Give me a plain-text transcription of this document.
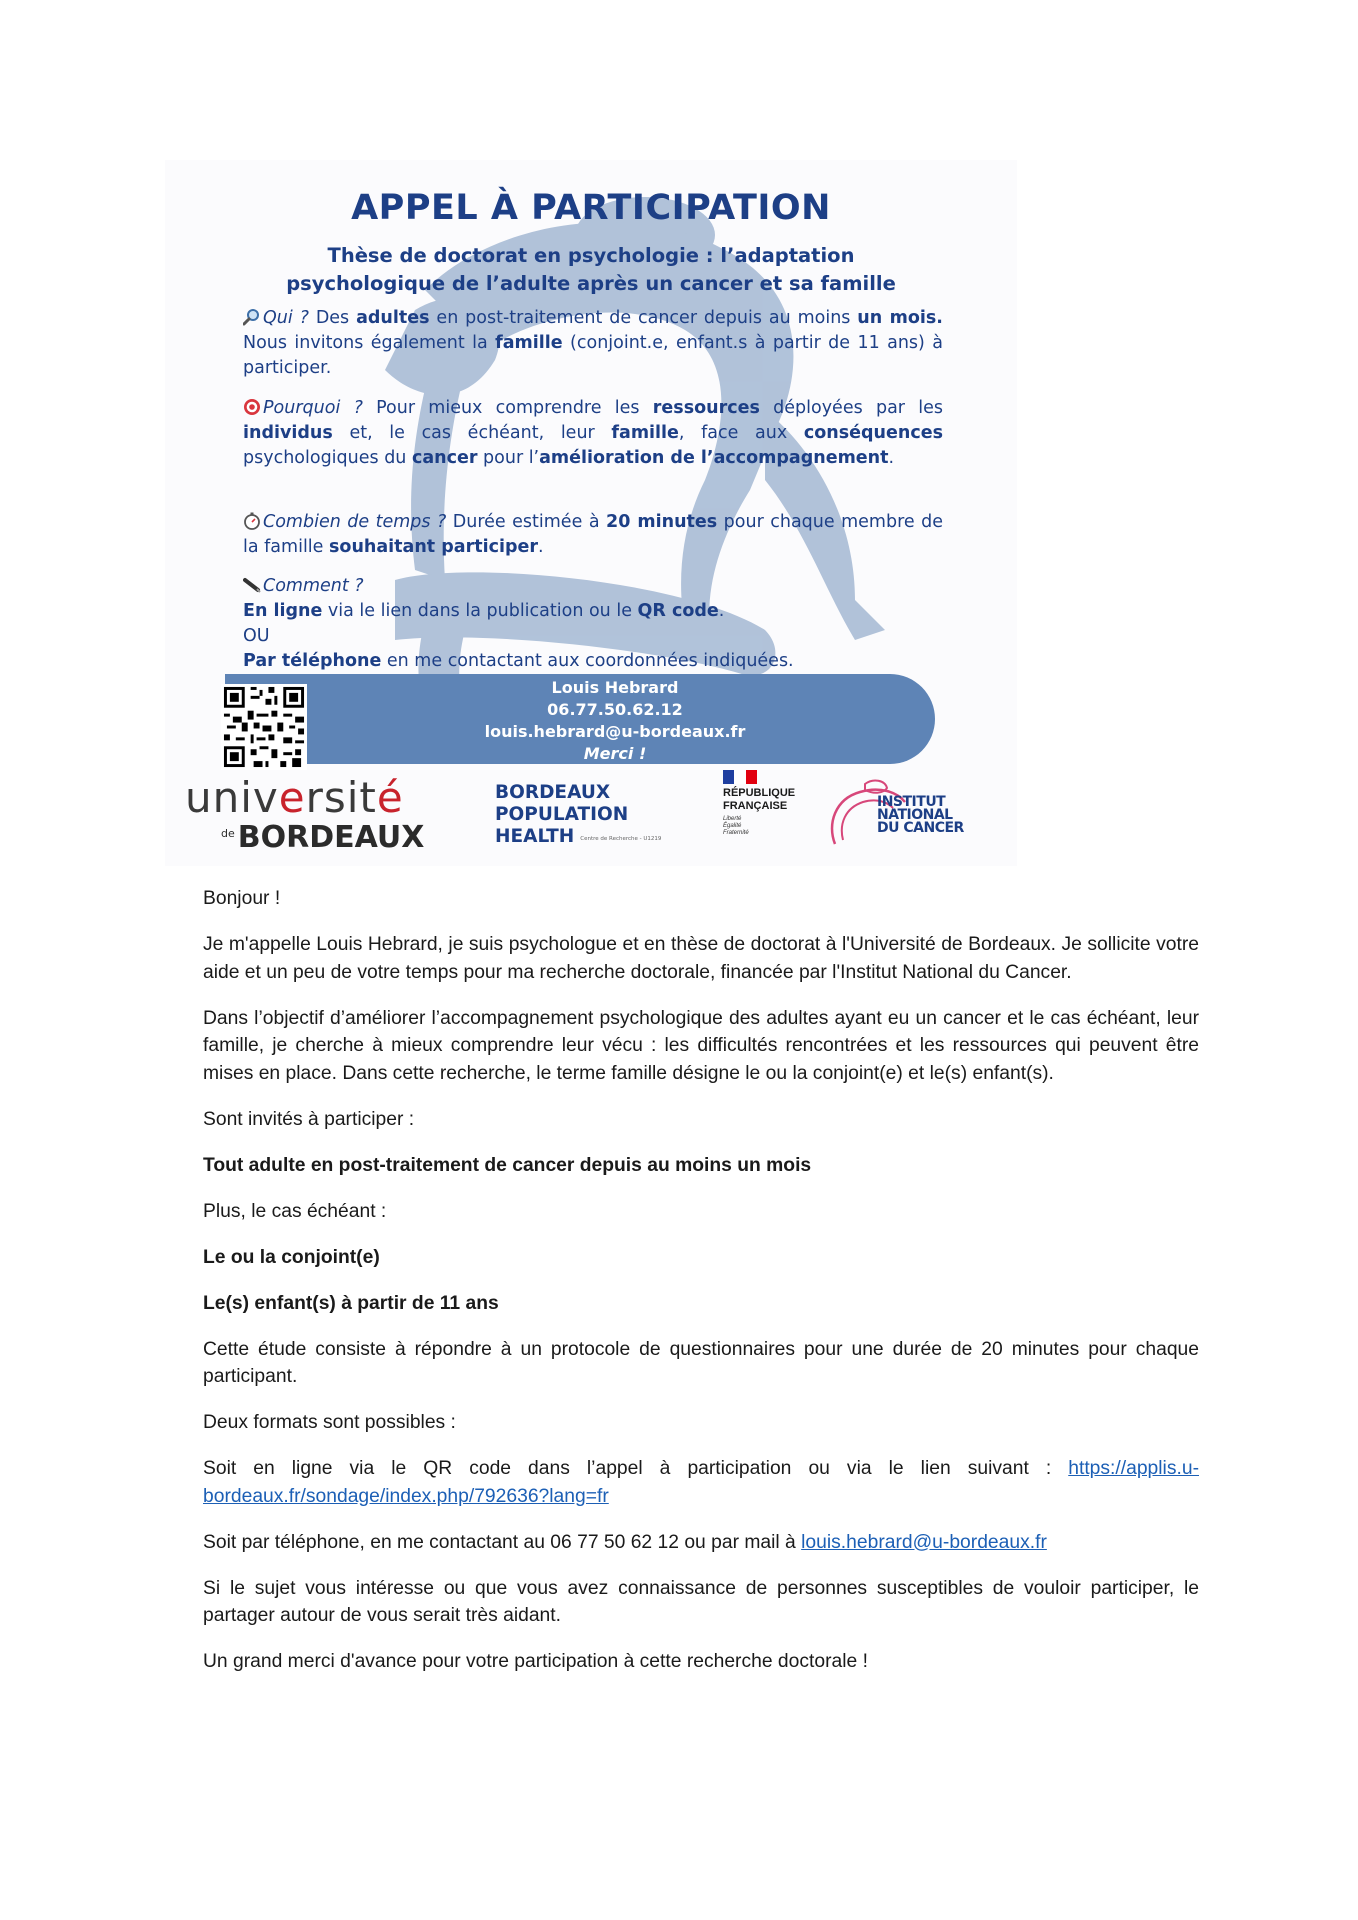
APPEL À PARTICIPATION
Thèse de doctorat en psychologie : l’adaptation
psychologique de l’adulte après un cancer et sa famille
Qui ? Des adultes en post-traitement de cancer depuis au moins un mois. Nous invitons également la famille (conjoint.e, enfant.s à partir de 11 ans) à participer.
Pourquoi ? Pour mieux comprendre les ressources déployées par les individus et, le cas échéant, leur famille, face aux conséquences psychologiques du cancer pour l’amélioration de l’accompagnement.
Combien de temps ? Durée estimée à 20 minutes pour chaque membre de la famille souhaitant participer.
Comment ?
En ligne via le lien dans la publication ou le QR code.
OU
Par téléphone en me contactant aux coordonnées indiquées.
Louis Hebrard
06.77.50.62.12
louis.hebrard@u-bordeaux.fr
Merci !
université
$^{de}$ BORDEAUX
BORDEAUX
POPULATION
HEALTH Centre de Recherche - U1219
RÉPUBLIQUE
FRANÇAISE
Liberté
Égalité
Fraternité
INSTITUT
NATIONAL
DU CANCER

Bonjour !

Je m'appelle Louis Hebrard, je suis psychologue et en thèse de doctorat à l'Université de Bordeaux. Je sollicite votre aide et un peu de votre temps pour ma recherche doctorale, financée par l'Institut National du Cancer.

Dans l’objectif d’améliorer l’accompagnement psychologique des adultes ayant eu un cancer et le cas échéant, leur famille, je cherche à mieux comprendre leur vécu : les difficultés rencontrées et les ressources qui peuvent être mises en place. Dans cette recherche, le terme famille désigne le ou la conjoint(e) et le(s) enfant(s).

Sont invités à participer :

Tout adulte en post-traitement de cancer depuis au moins un mois

Plus, le cas échéant :

Le ou la conjoint(e)

Le(s) enfant(s) à partir de 11 ans

Cette étude consiste à répondre à un protocole de questionnaires pour une durée de 20 minutes pour chaque participant.

Deux formats sont possibles :

Soit en ligne via le QR code dans l’appel à participation ou via le lien suivant : https://applis.u-bordeaux.fr/sondage/index.php/792636?lang=fr

Soit par téléphone, en me contactant au 06 77 50 62 12 ou par mail à louis.hebrard@u-bordeaux.fr

Si le sujet vous intéresse ou que vous avez connaissance de personnes susceptibles de vouloir participer, le partager autour de vous serait très aidant.

Un grand merci d'avance pour votre participation à cette recherche doctorale !
